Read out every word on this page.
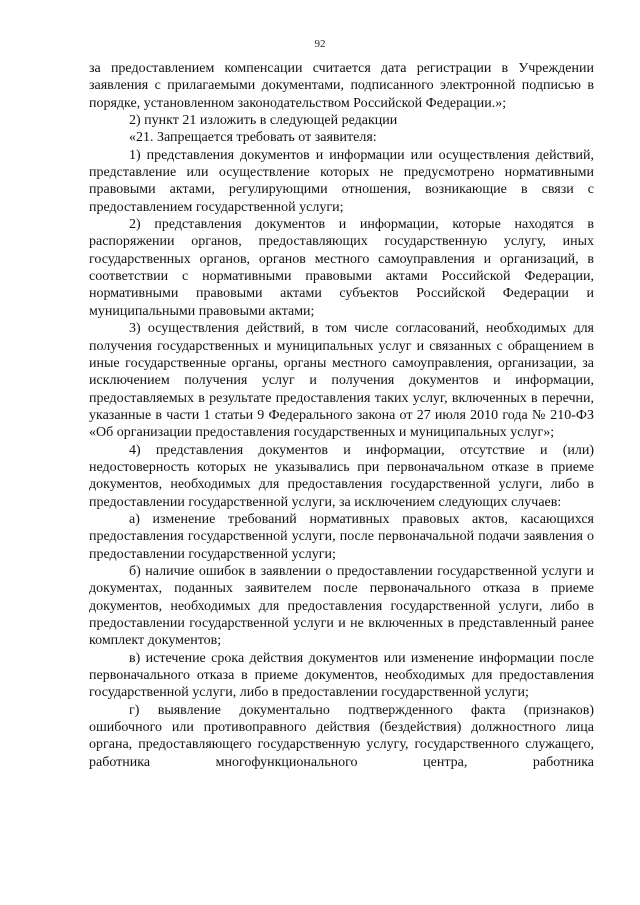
92

за предоставлением компенсации считается дата регистрации в Учреждении заявления с прилагаемыми документами, подписанного электронной подписью в порядке, установленном законодательством Российской Федерации.»;

2) пункт 21 изложить в следующей редакции

«21. Запрещается требовать от заявителя:

1) представления документов и информации или осуществления действий, представление или осуществление которых не предусмотрено нормативными правовыми актами, регулирующими отношения, возникающие в связи с предоставлением государственной услуги;

2) представления документов и информации, которые находятся в распоряжении органов, предоставляющих государственную услугу, иных государственных органов, органов местного самоуправления и организаций, в соответствии с нормативными правовыми актами Российской Федерации, нормативными правовыми актами субъектов Российской Федерации и муниципальными правовыми актами;

3) осуществления действий, в том числе согласований, необходимых для получения государственных и муниципальных услуг и связанных с обращением в иные государственные органы, органы местного самоуправления, организации, за исключением получения услуг и получения документов и информации, предоставляемых в результате предоставления таких услуг, включенных в перечни, указанные в части 1 статьи 9 Федерального закона от 27 июля 2010 года № 210-ФЗ «Об организации предоставления государственных и муниципальных услуг»;

4) представления документов и информации, отсутствие и (или) недостоверность которых не указывались при первоначальном отказе в приеме документов, необходимых для предоставления государственной услуги, либо в предоставлении государственной услуги, за исключением следующих случаев:

а) изменение требований нормативных правовых актов, касающихся предоставления государственной услуги, после первоначальной подачи заявления о предоставлении государственной услуги;

б) наличие ошибок в заявлении о предоставлении государственной услуги и документах, поданных заявителем после первоначального отказа в приеме документов, необходимых для предоставления государственной услуги, либо в предоставлении государственной услуги и не включенных в представленный ранее комплект документов;

в) истечение срока действия документов или изменение информации после первоначального отказа в приеме документов, необходимых для предоставления государственной услуги, либо в предоставлении государственной услуги;

г) выявление документально подтвержденного факта (признаков) ошибочного или противоправного действия (бездействия) должностного лица органа, предоставляющего государственную услугу, государственного служащего, работника многофункционального центра, работника
